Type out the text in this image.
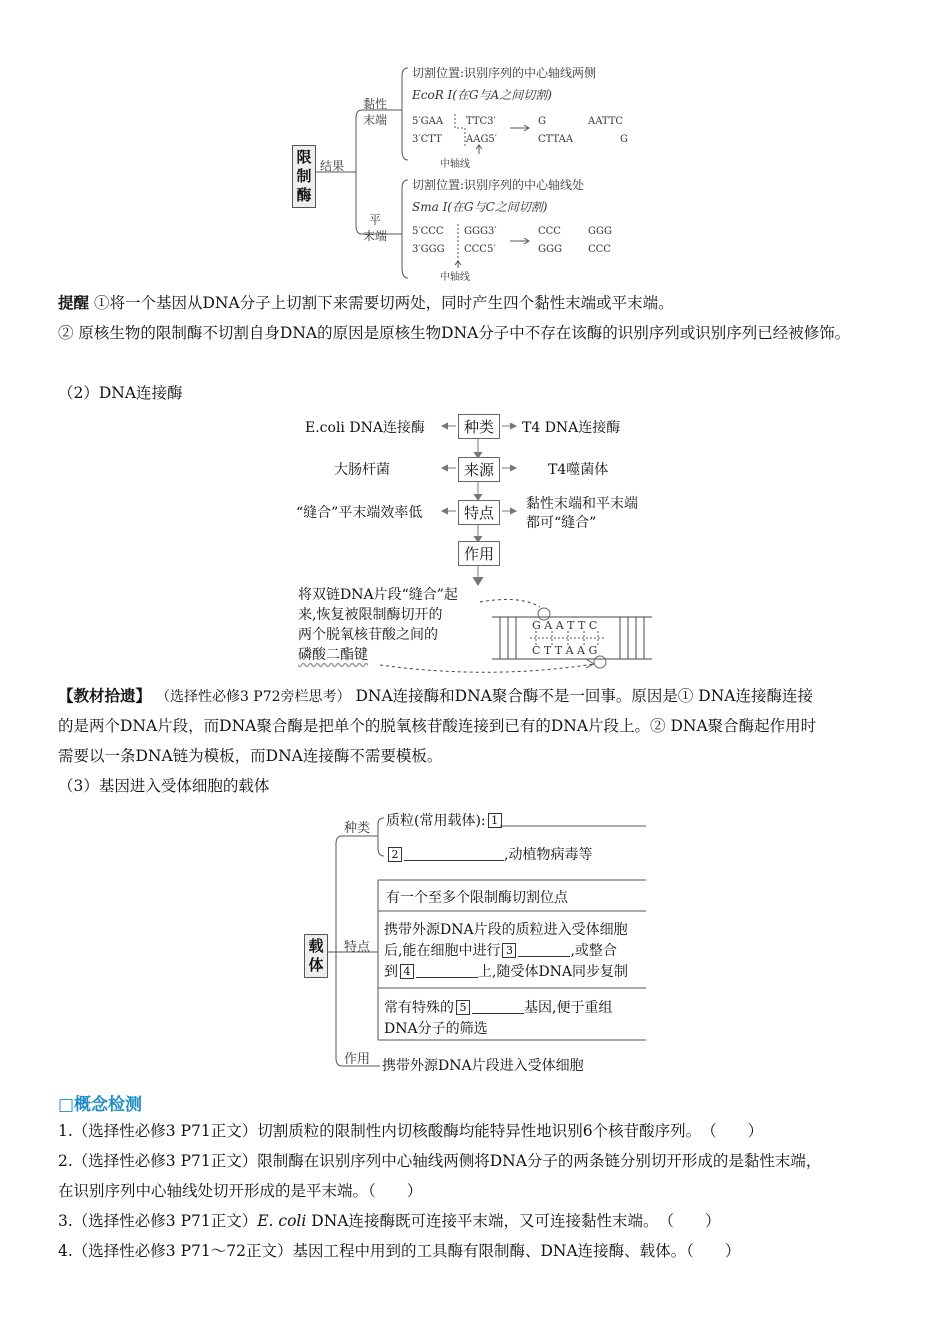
限
制
酶
结果
黏性
末端
平
末端
切割位置:识别序列的中心轴线两侧
EcoR Ⅰ(在G与A之间切割)
5′GAA TTC3′
3′CTT AAG5′
G	AATTC
CTTAA	G
中轴线
切割位置:识别序列的中心轴线处
Sma Ⅰ(在G与C之间切割)
5′CCC GGG3′
3′GGG CCC5′
CCC	GGG
GGG	CCC
中轴线
提醒 ①将一个基因从DNA分子上切割下来需要切两处，同时产生四个黏性末端或平末端。
② 原核生物的限制酶不切割自身DNA的原因是原核生物DNA分子中不存在该酶的识别序列或识别序列已经被修饰。
（2）DNA连接酶
种类
来源
特点
作用
E.coli DNA连接酶	T4 DNA连接酶
大肠杆菌	T4噬菌体
“缝合”平末端效率低
黏性末端和平末端
都可“缝合”
将双链DNA片段“缝合”起
来,恢复被限制酶切开的
两个脱氧核苷酸之间的
磷酸二酯键
G A A T T C
C T T A A G
【教材拾遗】 （选择性必修3 P72旁栏思考） DNA连接酶和DNA聚合酶不是一回事。原因是① DNA连接酶连接
的是两个DNA片段，而DNA聚合酶是把单个的脱氧核苷酸连接到已有的DNA片段上。② DNA聚合酶起作用时
需要以一条DNA链为模板，而DNA连接酶不需要模板。
（3）基因进入受体细胞的载体
载
体
种类
特点
作用
质粒(常用载体): 1
2	,动植物病毒等
有一个至多个限制酶切割位点
携带外源DNA片段的质粒进入受体细胞
后,能在细胞中进行 3	,或整合
到 4	上,随受体DNA同步复制
常有特殊的 5	基因,便于重组
DNA分子的筛选
携带外源DNA片段进入受体细胞
□概念检测
1.（选择性必修3 P71正文）切割质粒的限制性内切核酸酶均能特异性地识别6个核苷酸序列。　（　　）
2.（选择性必修3 P71正文）限制酶在识别序列中心轴线两侧将DNA分子的两条链分别切开形成的是黏性末端，
在识别序列中心轴线处切开形成的是平末端。（　　）
3.（选择性必修3 P71正文）E. coli DNA连接酶既可连接平末端，又可连接黏性末端。　（　　）
4.（选择性必修3 P71～72正文）基因工程中用到的工具酶有限制酶、DNA连接酶、载体。（　　）
